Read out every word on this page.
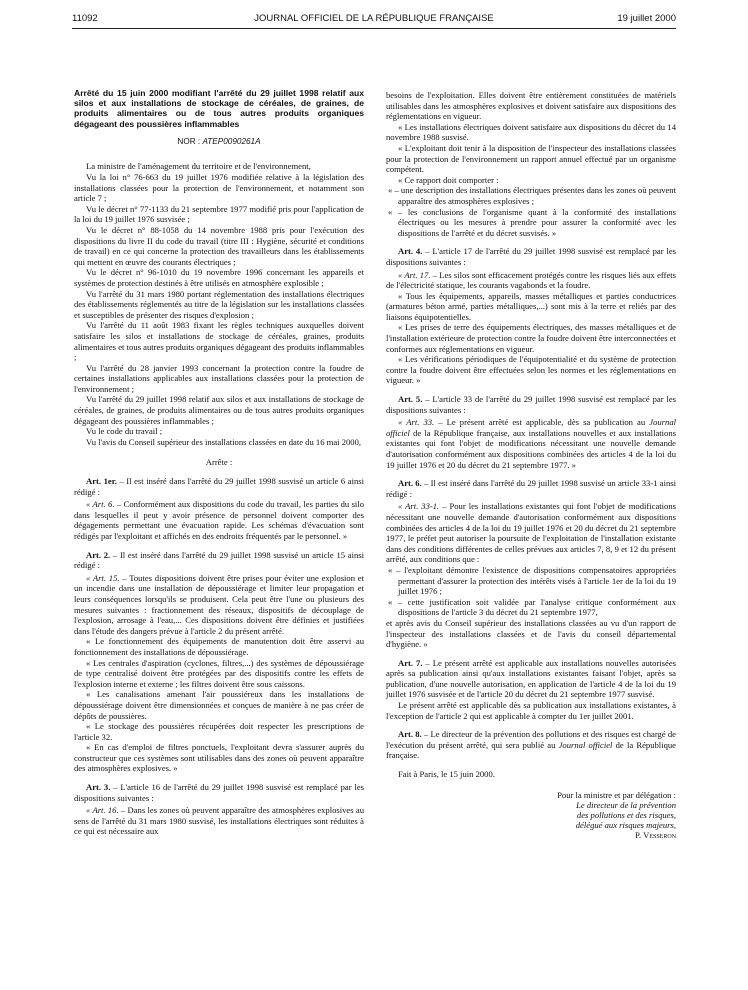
11092	JOURNAL OFFICIEL DE LA RÉPUBLIQUE FRANÇAISE	19 juillet 2000

Arrêté du 15 juin 2000 modifiant l'arrêté du 29 juillet 1998 relatif aux silos et aux installations de stockage de céréales, de graines, de produits alimentaires ou de tous autres produits organiques dégageant des poussières inflammables

NOR : ATEP0090261A

La ministre de l'aménagement du territoire et de l'environnement,

Vu la loi n° 76-663 du 19 juillet 1976 modifiée relative à la législation des installations classées pour la protection de l'environnement, et notamment son article 7 ;

Vu le décret n° 77-1133 du 21 septembre 1977 modifié pris pour l'application de la loi du 19 juillet 1976 susvisée ;

Vu le décret n° 88-1058 du 14 novembre 1988 pris pour l'exécution des dispositions du livre II du code du travail (titre III : Hygiène, sécurité et conditions de travail) en ce qui concerne la protection des travailleurs dans les établissements qui mettent en œuvre des courants électriques ;

Vu le décret n° 96-1010 du 19 novembre 1996 concernant les appareils et systèmes de protection destinés à être utilisés en atmosphère explosible ;

Vu l'arrêté du 31 mars 1980 portant réglementation des installations électriques des établissements réglementés au titre de la législation sur les installations classées et susceptibles de présenter des risques d'explosion ;

Vu l'arrêté du 11 août 1983 fixant les règles techniques auxquelles doivent satisfaire les silos et installations de stockage de céréales, graines, produits alimentaires et tous autres produits organiques dégageant des produits inflammables ;

Vu l'arrêté du 28 janvier 1993 concernant la protection contre la foudre de certaines installations applicables aux installations classées pour la protection de l'environnement ;

Vu l'arrêté du 29 juillet 1998 relatif aux silos et aux installations de stockage de céréales, de graines, de produits alimentaires ou de tous autres produits organiques dégageant des poussières inflammables ;

Vu le code du travail ;

Vu l'avis du Conseil supérieur des installations classées en date du 16 mai 2000,

Arrête :

Art. 1er. – Il est inséré dans l'arrêté du 29 juillet 1998 susvisé un article 6 ainsi rédigé :

« Art. 6. – Conformément aux dispositions du code du travail, les parties du silo dans lesquelles il peut y avoir présence de personnel doivent comporter des dégagements permettant une évacuation rapide. Les schémas d'évacuation sont rédigés par l'exploitant et affichés en des endroits fréquentés par le personnel. »

Art. 2. – Il est inséré dans l'arrêté du 29 juillet 1998 susvisé un article 15 ainsi rédigé :

« Art. 15. – Toutes dispositions doivent être prises pour éviter une explosion et un incendie dans une installation de dépoussiérage et limiter leur propagation et leurs conséquences lorsqu'ils se produisent. Cela peut être l'une ou plusieurs des mesures suivantes : fractionnement des réseaux, dispositifs de découplage de l'explosion, arrosage à l'eau,... Ces dispositions doivent être définies et justifiées dans l'étude des dangers prévue à l'article 2 du présent arrêté.

« Le fonctionnement des équipements de manutention doit être asservi au fonctionnement des installations de dépoussiérage.

« Les centrales d'aspiration (cyclones, filtres,...) des systèmes de dépoussiérage de type centralisé doivent être protégées par des dispositifs contre les effets de l'explosion interne et externe ; les filtres doivent être sous caissons.

« Les canalisations amenant l'air poussiéreux dans les installations de dépoussiérage doivent être dimensionnées et conçues de manière à ne pas créer de dépôts de poussières.

« Le stockage des poussières récupérées doit respecter les prescriptions de l'article 32.

« En cas d'emploi de filtres ponctuels, l'exploitant devra s'assurer auprès du constructeur que ces systèmes sont utilisables dans des zones où peuvent apparaître des atmosphères explosives. »

Art. 3. – L'article 16 de l'arrêté du 29 juillet 1998 susvisé est remplacé par les dispositions suivantes :

« Art. 16. – Dans les zones où peuvent apparaître des atmosphères explosives au sens de l'arrêté du 31 mars 1980 susvisé, les installations électriques sont réduites à ce qui est nécessaire aux

besoins de l'exploitation. Elles doivent être entièrement constituées de matériels utilisables dans les atmosphères explosives et doivent satisfaire aux dispositions des réglementations en vigueur.

« Les installations électriques doivent satisfaire aux dispositions du décret du 14 novembre 1988 susvisé.

« L'exploitant doit tenir à la disposition de l'inspecteur des installations classées pour la protection de l'environnement un rapport annuel effectué par un organisme compétent.

« Ce rapport doit comporter :

« – une description des installations électriques présentes dans les zones où peuvent apparaître des atmosphères explosives ;

« – les conclusions de l'organisme quant à la conformité des installations électriques ou les mesures à prendre pour assurer la conformité avec les dispositions de l'arrêté et du décret susvisés. »

Art. 4. – L'article 17 de l'arrêté du 29 juillet 1998 susvisé est remplacé par les dispositions suivantes :

« Art. 17. – Les silos sont efficacement protégés contre les risques liés aux effets de l'électricité statique, les courants vagabonds et la foudre.

« Tous les équipements, appareils, masses métalliques et parties conductrices (armatures béton armé, parties métalliques,...) sont mis à la terre et reliés par des liaisons équipotentielles.

« Les prises de terre des équipements électriques, des masses métalliques et de l'installation extérieure de protection contre la foudre doivent être interconnectées et conformes aux réglementations en vigueur.

« Les vérifications périodiques de l'équipotentialité et du système de protection contre la foudre doivent être effectuées selon les normes et les réglementations en vigueur. »

Art. 5. – L'article 33 de l'arrêté du 29 juillet 1998 susvisé est remplacé par les dispositions suivantes :

« Art. 33. – Le présent arrêté est applicable, dès sa publication au Journal officiel de la République française, aux installations nouvelles et aux installations existantes qui font l'objet de modifications nécessitant une nouvelle demande d'autorisation conformément aux dispositions combinées des articles 4 de la loi du 19 juillet 1976 et 20 du décret du 21 septembre 1977. »

Art. 6. – Il est inséré dans l'arrêté du 29 juillet 1998 susvisé un article 33-1 ainsi rédigé :

« Art. 33-1. – Pour les installations existantes qui font l'objet de modifications nécessitant une nouvelle demande d'autorisation conformément aux dispositions combinées des articles 4 de la loi du 19 juillet 1976 et 20 du décret du 21 septembre 1977, le préfet peut autoriser la poursuite de l'exploitation de l'installation existante dans des conditions différentes de celles prévues aux articles 7, 8, 9 et 12 du présent arrêté, aux conditions que :

« – l'exploitant démontre l'existence de dispositions compensatoires appropriées permettant d'assurer la protection des intérêts visés à l'article 1er de la loi du 19 juillet 1976 ;

« – cette justification soit validée par l'analyse critique conformément aux dispositions de l'article 3 du décret du 21 septembre 1977,

et après avis du Conseil supérieur des installations classées au vu d'un rapport de l'inspecteur des installations classées et de l'avis du conseil départemental d'hygiène. »

Art. 7. – Le présent arrêté est applicable aux installations nouvelles autorisées après sa publication ainsi qu'aux installations existantes faisant l'objet, après sa publication, d'une nouvelle autorisation, en application de l'article 4 de la loi du 19 juillet 1976 susvisée et de l'article 20 du décret du 21 septembre 1977 susvisé.

Le présent arrêté est applicable dès sa publication aux installations existantes, à l'exception de l'article 2 qui est applicable à compter du 1er juillet 2001.

Art. 8. – Le directeur de la prévention des pollutions et des risques est chargé de l'exécution du présent arrêté, qui sera publié au Journal officiel de la République française.

Fait à Paris, le 15 juin 2000.

Pour la ministre et par délégation :
Le directeur de la prévention
des pollutions et des risques,
délégué aux risques majeurs,
P. Vesseron
